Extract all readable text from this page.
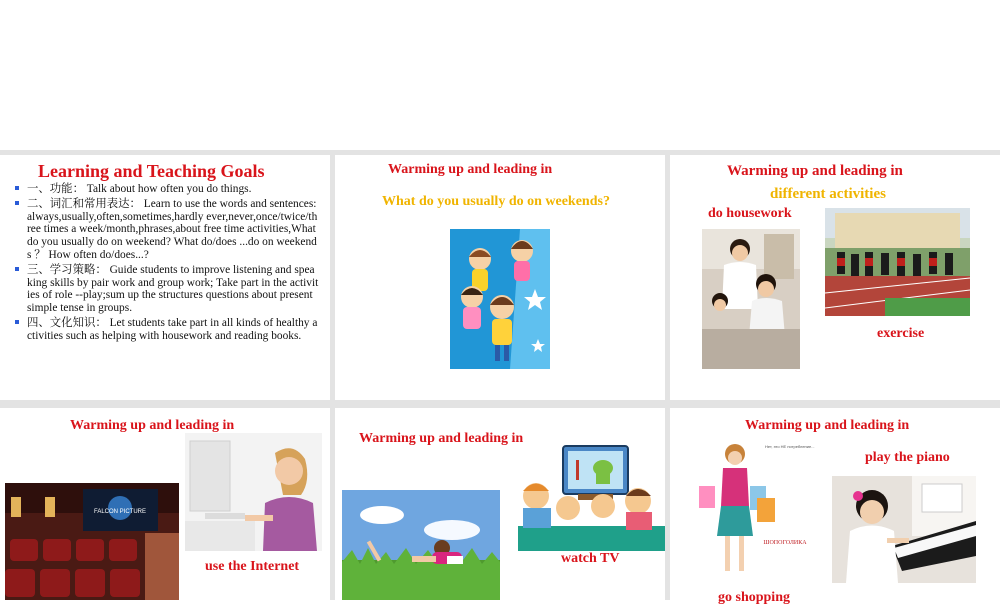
Learning and Teaching Goals
一、功能： Talk about how often you do things.
二、词汇和常用表达： Learn to use the words and sentences: always,usually,often,sometimes,hardly ever,never,once/twice/three times a week/month,phrases,about free time activities,What do you usually do on weekend? What do/does ...do on weekends ？ How often do/does...?
三、学习策略： Guide students to improve listening and speaking skills by pair work and group work; Take part in the activities of role --play;sum up the structures questions about present simple tense in groups.
四、文化知识： Let students take part in all kinds of healthy activities such as helping with housework and reading books.
Warming up and leading in
What do you usually do on weekends?
Warming up and leading in
different activities
do housework
exercise
Warming up and leading in
FALCON PICTURE
use the Internet
Warming up and leading in
watch TV
Warming up and leading in
Нет, это НЕ потребление...
ШОПОГОЛИКА
play the piano
go shopping
